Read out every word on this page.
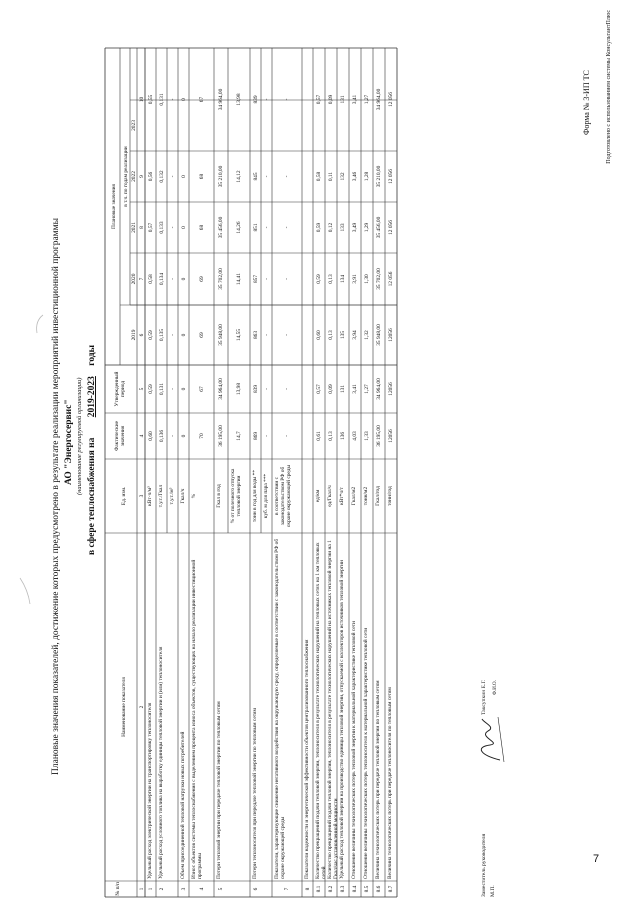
Подготовлено с использованием системы КонсультантПлюс
Форма № 3-ИП ТС
Плановые значения показателей, достижение которых предусмотрено в результате реализации мероприятий инвестиционной программы АО "Энергосервис" (наименование регулируемой организации)
в сфере теплоснабжения на 2019-2023 годы
№ п/п
Наименование показателя
Ед. изм.
Фактические значения
Утвержденный период
Плановые значения в т.ч. по годам реализации
2019
2020
2021
2022
2023
1
2
3
4
5
6
7
8
9
10
1
Удельный расход электрической энергии на транспортировку теплоносителя
кВт·ч/м³
0,60
0,59
0,59
0,58
0,57
0,56
0,55
2
Удельный расход условного топлива на выработку единицы тепловой энергии и (или) теплоносителя
т.у.т./Гкал
0,136
0,131
0,135
0,134
0,133
0,132
0,131
т.у.т./м³
-
-
-
-
-
-
-
3
Объем присоединенной тепловой нагрузки новых потребителей
Гкал/ч
0
0
0
0
0
0
0
4
Износ объектов системы теплоснабжения с выделением процента износа объектов, существующих на начало реализации инвестиционной программы
%
70
67
69
69
68
68
67
5
Потери тепловой энергии при передаче тепловой энергии по тепловым сетям
Гкал в год
36 195,00
34 964,00
35 948,00
35 702,00
35 456,00
35 210,00
34 964,00
% от полезного отпуска тепловой энергии
14,7
13,98
14,55
14,41
14,26
14,12
13,98
6
Потери теплоносителя при передаче тепловой энергии по тепловым сетям
тонн в год для воды **
869
839
863
857
851
845
839
куб. м для пара ***
-
-
-
-
-
-
-
7
Показатели, характеризующие снижение негативного воздействия на окружающую среду, определяемые в соответствии с законодательством РФ об охране окружающей среды
в соответствии с законодательством РФ об охране окружающей среды
-
-
-
-
-
-
-
8
Показатели надежности и энергетической эффективности объектов централизованного теплоснабжения
8.1
Количество прекращений подачи тепловой энергии, теплоносителя в результате технологических нарушений на тепловых сетях на 1 км тепловых сетей
ед/км
0,61
0,57
0,60
0,59
0,59
0,58
0,57
8.2
Количество прекращений подачи тепловой энергии, теплоносителя в результате технологических нарушений на источниках тепловой энергии на 1 Гкал/час установленной мощности
ед/Гкал/ч
0,13
0,09
0,13
0,13
0,12
0,11
0,09
8.3
Удельный расход тепловой энергии на производство единицы тепловой энергии, отпускаемой с коллекторов источников тепловой энергии
кВт*ч/т
136
131
135
134
133
132
131
8.4
Отношение величины технологических потерь тепловой энергии к материальной характеристике тепловой сети
Гкал/м2
4,03
3,41
3,94
3,91
3,49
3,46
3,41
8.5
Отношение величины технологических потерь теплоносителя к материальной характеристике тепловой сети
тонн/м2
1,33
1,27
1,32
1,30
1,29
1,28
1,27
8.6
Величина технологических потерь при передаче тепловой энергии по тепловым сетям
Гкал/год
36 195,00
34 964,00
35 948,00
35 702,00
35 456,00
35 210,00
34 964,00
8.7
Величина технологических потерь при передаче теплоносителя по тепловым сетям
тонн/год
12056
12056
12056
12 056
12 056
12 056
12 056
Заместитель руководителя М.П.
Таксупкин Е.Г. Ф.И.О.
7
